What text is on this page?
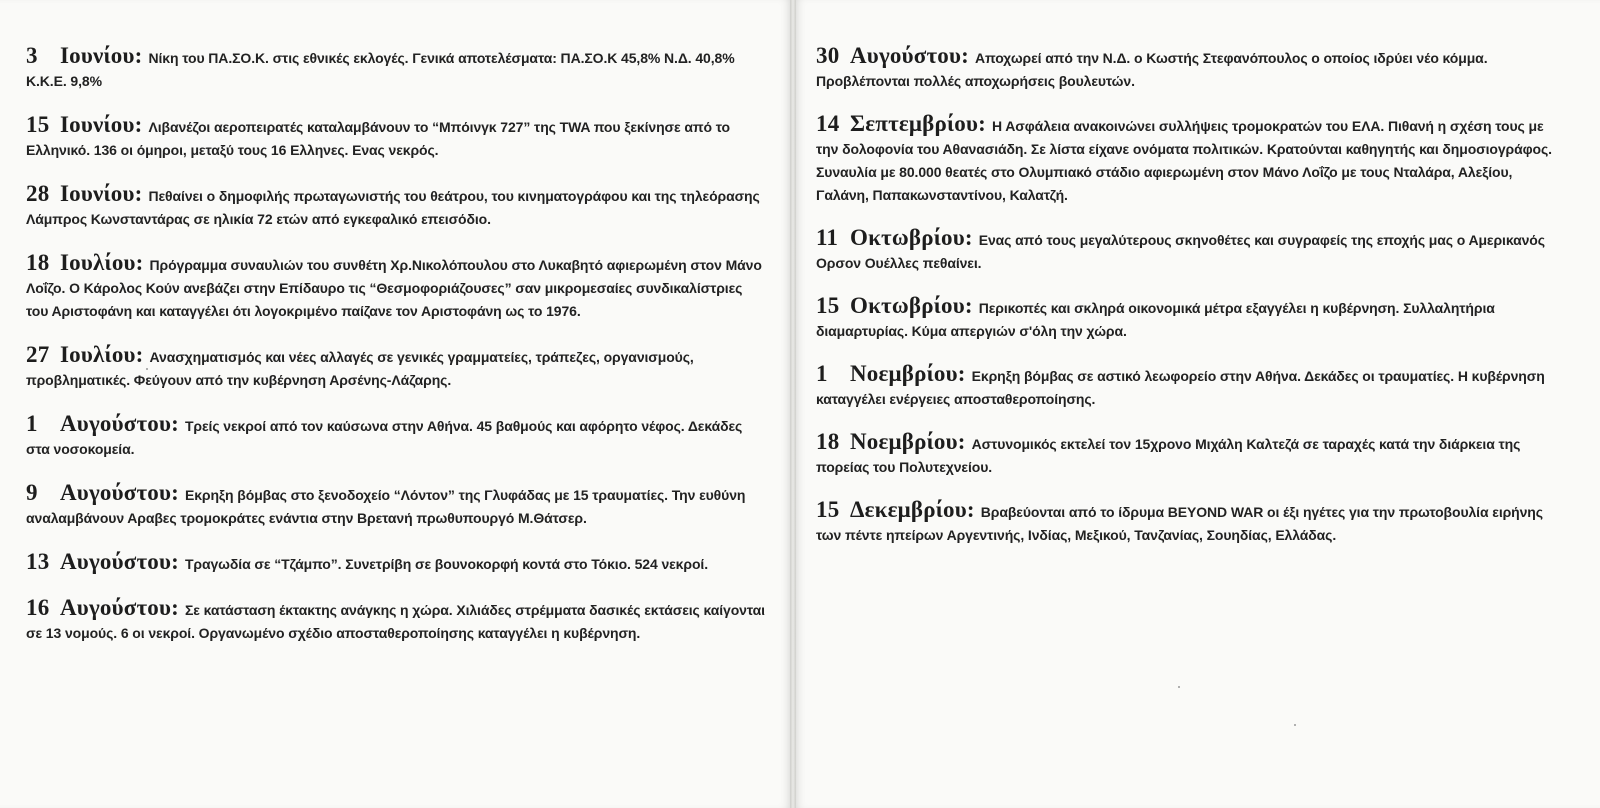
3 Ιουνίου: Νίκη του ΠΑ.ΣΟ.Κ. στις εθνικές εκλογές. Γενικά αποτελέσματα: ΠΑ.ΣΟ.Κ 45,8% Ν.Δ. 40,8% Κ.Κ.Ε. 9,8%
15 Ιουνίου: Λιβανέζοι αεροπειρατές καταλαμβάνουν το “Μπόινγκ 727” της TWA που ξεκίνησε από το Ελληνικό. 136 οι όμηροι, μεταξύ τους 16 Ελληνες. Ενας νεκρός.
28 Ιουνίου: Πεθαίνει ο δημοφιλής πρωταγωνιστής του θεάτρου, του κινηματογράφου και της τηλεόρασης Λάμπρος Κωνσταντάρας σε ηλικία 72 ετών από εγκεφαλικό επεισόδιο.
18 Ιουλίου: Πρόγραμμα συναυλιών του συνθέτη Χρ.Νικολόπουλου στο Λυκαβητό αφιερωμένη στον Μάνο Λοΐζο. Ο Κάρολος Κούν ανεβάζει στην Επίδαυρο τις “Θεσμοφοριάζουσες” σαν μικρομεσαίες συνδικαλίστριες του Αριστοφάνη και καταγγέλει ότι λογοκριμένο παίζανε τον Αριστοφάνη ως το 1976.
27 Ιουλίου: Ανασχηματισμός και νέες αλλαγές σε γενικές γραμματείες, τράπεζες, οργανισμούς, προβληματικές. Φεύγουν από την κυβέρνηση Αρσένης-Λάζαρης.
1 Αυγούστου: Τρείς νεκροί από τον καύσωνα στην Αθήνα. 45 βαθμούς και αφόρητο νέφος. Δεκάδες στα νοσοκομεία.
9 Αυγούστου: Εκρηξη βόμβας στο ξενοδοχείο “Λόντον” της Γλυφάδας με 15 τραυματίες. Την ευθύνη αναλαμβάνουν Αραβες τρομοκράτες ενάντια στην Βρετανή πρωθυπουργό Μ.Θάτσερ.
13 Αυγούστου: Τραγωδία σε “Τζάμπο”. Συνετρίβη σε βουνοκορφή κοντά στο Τόκιο. 524 νεκροί.
16 Αυγούστου: Σε κατάσταση έκτακτης ανάγκης η χώρα. Χιλιάδες στρέμματα δασικές εκτάσεις καίγονται σε 13 νομούς. 6 οι νεκροί. Οργανωμένο σχέδιο αποσταθεροποίησης καταγγέλει η κυβέρνηση.
30 Αυγούστου: Αποχωρεί από την Ν.Δ. ο Κωστής Στεφανόπουλος ο οποίος ιδρύει νέο κόμμα. Προβλέπονται πολλές αποχωρήσεις βουλευτών.
14 Σεπτεμβρίου: Η Ασφάλεια ανακοινώνει συλλήψεις τρομοκρατών του ΕΛΑ. Πιθανή η σχέση τους με την δολοφονία του Αθανασιάδη. Σε λίστα είχανε ονόματα πολιτικών. Κρατούνται καθηγητής και δημοσιογράφος. Συναυλία με 80.000 θεατές στο Ολυμπιακό στάδιο αφιερωμένη στον Μάνο Λοΐζο με τους Νταλάρα, Αλεξίου, Γαλάνη, Παπακωνσταντίνου, Καλατζή.
11 Οκτωβρίου: Ενας από τους μεγαλύτερους σκηνοθέτες και συγραφείς της εποχής μας ο Αμερικανός Ορσον Ουέλλες πεθαίνει.
15 Οκτωβρίου: Περικοπές και σκληρά οικονομικά μέτρα εξαγγέλει η κυβέρνηση. Συλλαλητήρια διαμαρτυρίας. Κύμα απεργιών σ'όλη την χώρα.
1 Νοεμβρίου: Εκρηξη βόμβας σε αστικό λεωφορείο στην Αθήνα. Δεκάδες οι τραυματίες. Η κυβέρνηση καταγγέλει ενέργειες αποσταθεροποίησης.
18 Νοεμβρίου: Αστυνομικός εκτελεί τον 15χρονο Μιχάλη Καλτεζά σε ταραχές κατά την διάρκεια της πορείας του Πολυτεχνείου.
15 Δεκεμβρίου: Βραβεύονται από το ίδρυμα BEYOND WAR οι έξι ηγέτες για την πρωτοβουλία ειρήνης των πέντε ηπείρων Αργεντινής, Ινδίας, Μεξικού, Τανζανίας, Σουηδίας, Ελλάδας.
